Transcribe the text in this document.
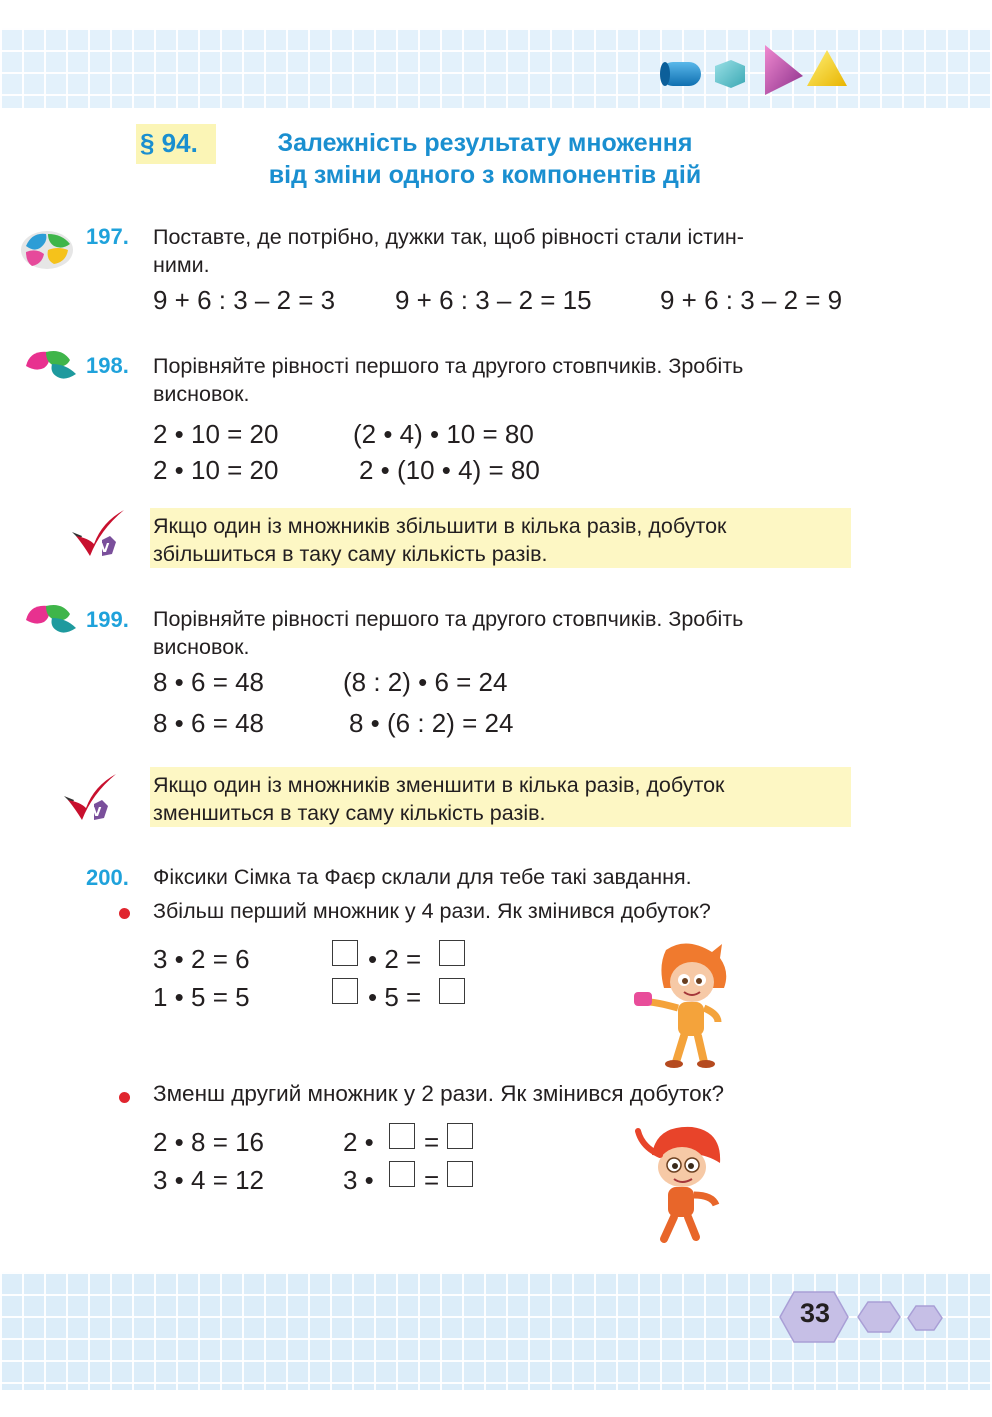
§ 94.	Залежність результату множення
від зміни одного з компонентів дій
197. Поставте, де потрібно, дужки так, щоб рівності стали істин-
ними.
9 + 6 : 3 – 2 = 3 9 + 6 : 3 – 2 = 15	9 + 6 : 3 – 2 = 9
198. Порівняйте рівності першого та другого стовпчиків. Зробіть
висновок.
2 • 10 = 20	(2 • 4) • 10 = 80
2 • 10 = 20	2 • (10 • 4) = 80
V
Якщо один із множників збільшити в кілька разів, добуток
збільшиться в таку саму кількість разів.
199. Порівняйте рівності першого та другого стовпчиків. Зробіть
висновок.
8 • 6 = 48	(8 : 2) • 6 = 24
8 • 6 = 48	8 • (6 : 2) = 24
V
Якщо один із множників зменшити в кілька разів, добуток
зменшиться в таку саму кількість разів.
200. Фіксики Сімка та Фаєр склали для тебе такі завдання.
Збільш перший множник у 4 рази. Як змінився добуток?
3 • 2 = 6	• 2 =
1 • 5 = 5	• 5 =
Зменш другий множник у 2 рази. Як змінився добуток?
2 • 8 = 16	2 • =
3 • 4 = 12	3 • =
33
